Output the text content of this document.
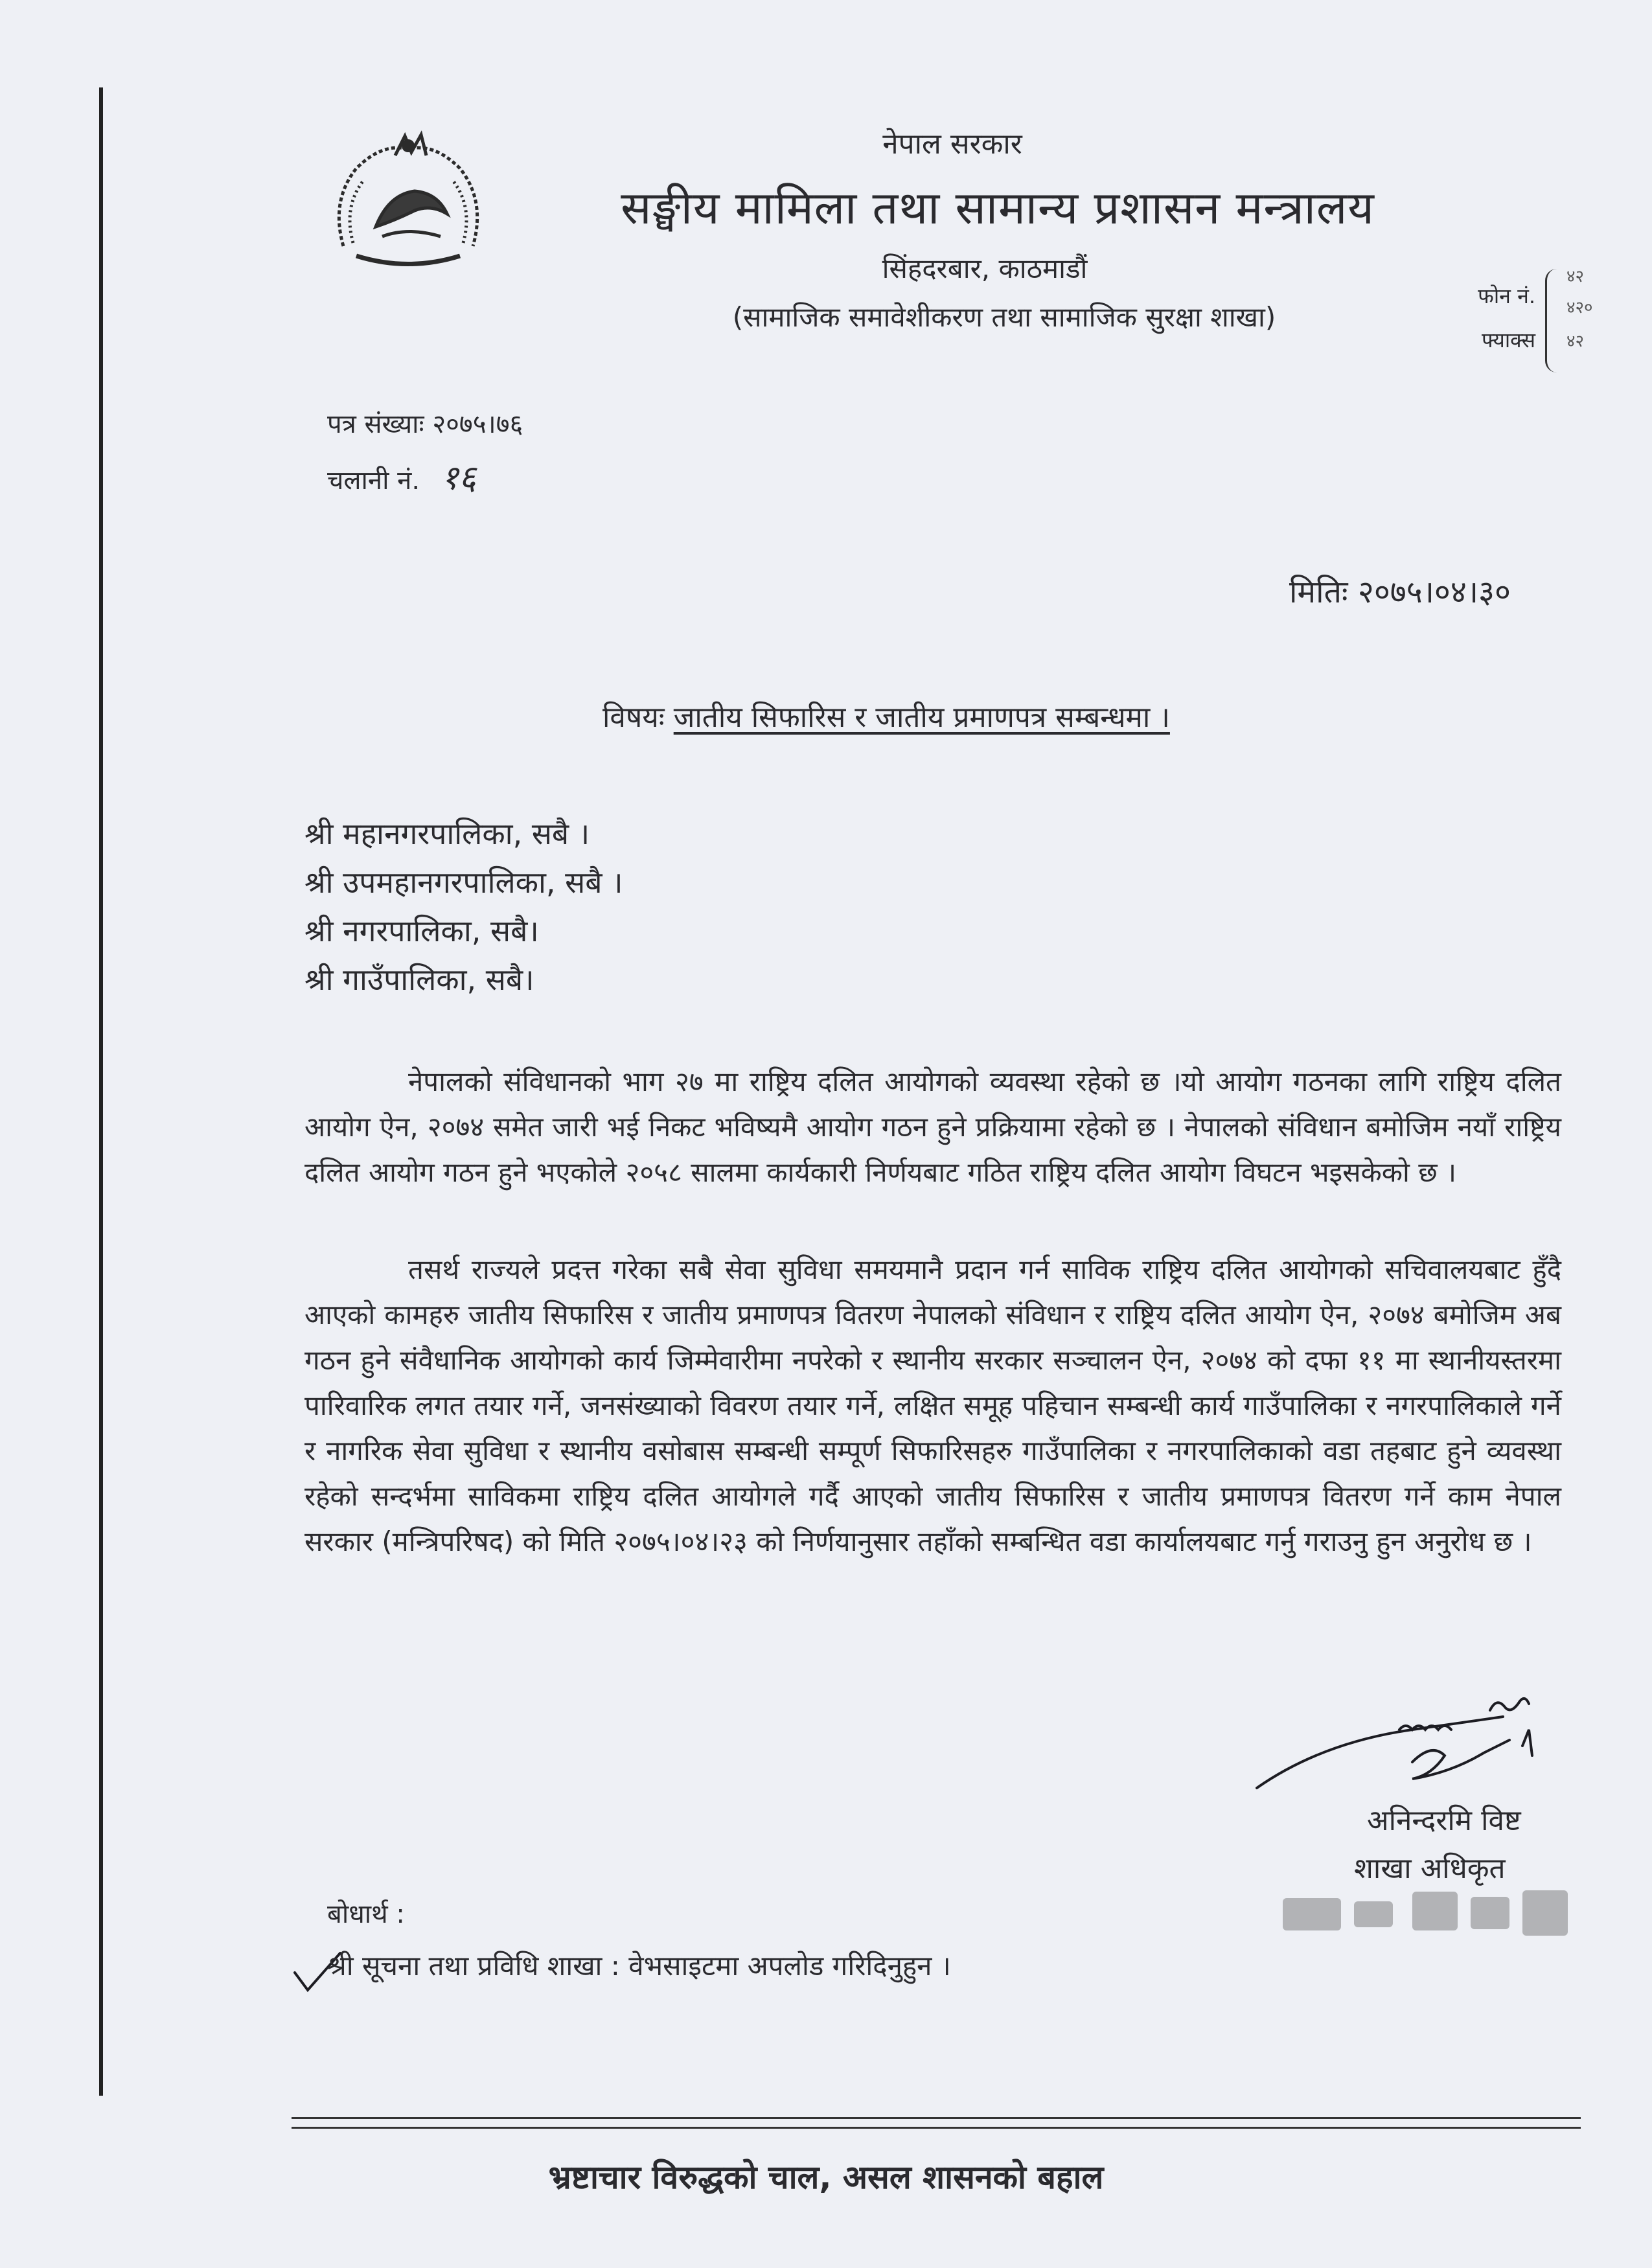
नेपाल सरकार
सङ्घीय मामिला तथा सामान्य प्रशासन मन्त्रालय
सिंहदरबार, काठमाडौं
(सामाजिक समावेशीकरण तथा सामाजिक सुरक्षा शाखा)
फोन नं.
फ्याक्स
४२
४२०
४२
पत्र संख्याः २०७५।७६
चलानी नं. १६
मितिः २०७५।०४।३०
विषयः जातीय सिफारिस र जातीय प्रमाणपत्र सम्बन्धमा ।
श्री महानगरपालिका, सबै ।
श्री उपमहानगरपालिका, सबै ।
श्री नगरपालिका, सबै।
श्री गाउँपालिका, सबै।

नेपालको संविधानको भाग २७ मा राष्ट्रिय दलित आयोगको व्यवस्था रहेको छ ।यो आयोग गठनका लागि राष्ट्रिय दलित आयोग ऐन, २०७४ समेत जारी भई निकट भविष्यमै आयोग गठन हुने प्रक्रियामा रहेको छ । नेपालको संविधान बमोजिम नयाँ राष्ट्रिय दलित आयोग गठन हुने भएकोले २०५८ सालमा कार्यकारी निर्णयबाट गठित राष्ट्रिय दलित आयोग विघटन भइसकेको छ ।

तसर्थ राज्यले प्रदत्त गरेका सबै सेवा सुविधा समयमानै प्रदान गर्न साविक राष्ट्रिय दलित आयोगको सचिवालयबाट हुँदै आएको कामहरु जातीय सिफारिस र जातीय प्रमाणपत्र वितरण नेपालको संविधान र राष्ट्रिय दलित आयोग ऐन, २०७४ बमोजिम अब गठन हुने संवैधानिक आयोगको कार्य जिम्मेवारीमा नपरेको र स्थानीय सरकार सञ्चालन ऐन, २०७४ को दफा ११ मा स्थानीयस्तरमा पारिवारिक लगत तयार गर्ने, जनसंख्याको विवरण तयार गर्ने, लक्षित समूह पहिचान सम्बन्धी कार्य गाउँपालिका र नगरपालिकाले गर्ने र नागरिक सेवा सुविधा र स्थानीय वसोबास सम्बन्धी सम्पूर्ण सिफारिसहरु गाउँपालिका र नगरपालिकाको वडा तहबाट हुने व्यवस्था रहेको सन्दर्भमा साविकमा राष्ट्रिय दलित आयोगले गर्दै आएको जातीय सिफारिस र जातीय प्रमाणपत्र वितरण गर्ने काम नेपाल सरकार (मन्त्रिपरिषद) को मिति २०७५।०४।२३ को निर्णयानुसार तहाँको सम्बन्धित वडा कार्यालयबाट गर्नु गराउनु हुन अनुरोध छ ।

अनिन्दरमि विष्ट
शाखा अधिकृत
बोधार्थ :
श्री सूचना तथा प्रविधि शाखा : वेभसाइटमा अपलोड गरिदिनुहुन ।
भ्रष्टाचार विरुद्धको चाल, असल शासनको बहाल
